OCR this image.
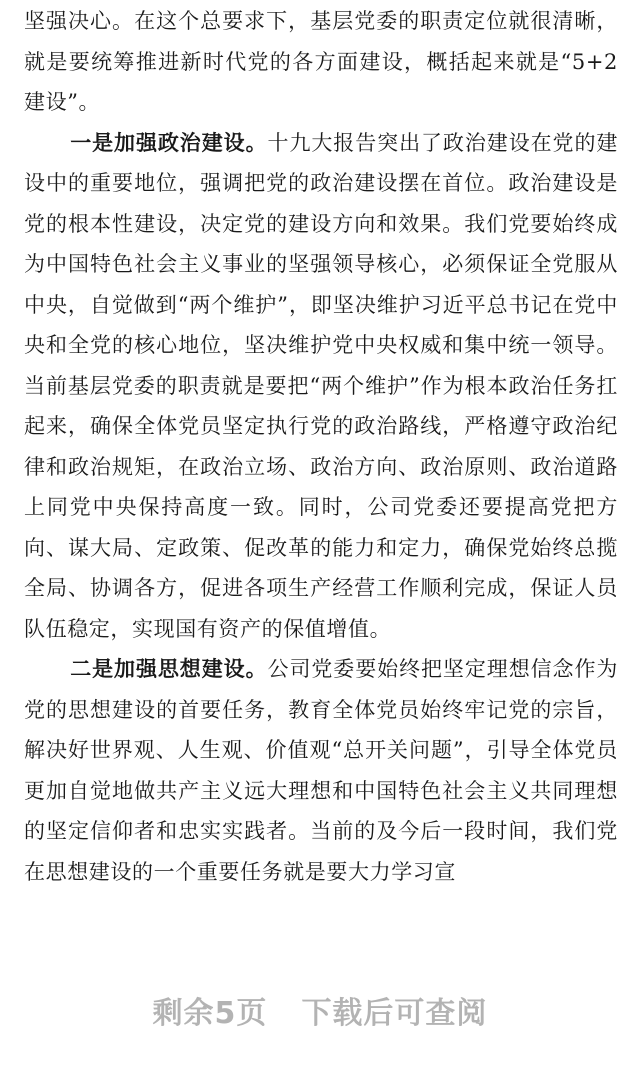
坚强决心。在这个总要求下，基层党委的职责定位就很清晰，就是要统筹推进新时代党的各方面建设，概括起来就是“5+2建设”。

一是加强政治建设。十九大报告突出了政治建设在党的建设中的重要地位，强调把党的政治建设摆在首位。政治建设是党的根本性建设，决定党的建设方向和效果。我们党要始终成为中国特色社会主义事业的坚强领导核心，必须保证全党服从中央，自觉做到“两个维护”，即坚决维护习近平总书记在党中央和全党的核心地位，坚决维护党中央权威和集中统一领导。当前基层党委的职责就是要把“两个维护”作为根本政治任务扛起来，确保全体党员坚定执行党的政治路线，严格遵守政治纪律和政治规矩，在政治立场、政治方向、政治原则、政治道路上同党中央保持高度一致。同时，公司党委还要提高党把方向、谋大局、定政策、促改革的能力和定力，确保党始终总揽全局、协调各方，促进各项生产经营工作顺利完成，保证人员队伍稳定，实现国有资产的保值增值。

二是加强思想建设。公司党委要始终把坚定理想信念作为党的思想建设的首要任务，教育全体党员始终牢记党的宗旨，解决好世界观、人生观、价值观“总开关问题”，引导全体党员更加自觉地做共产主义远大理想和中国特色社会主义共同理想的坚定信仰者和忠实实践者。当前的及今后一段时间，我们党在思想建设的一个重要任务就是要大力学习宣

剩余5页 下载后可查阅
